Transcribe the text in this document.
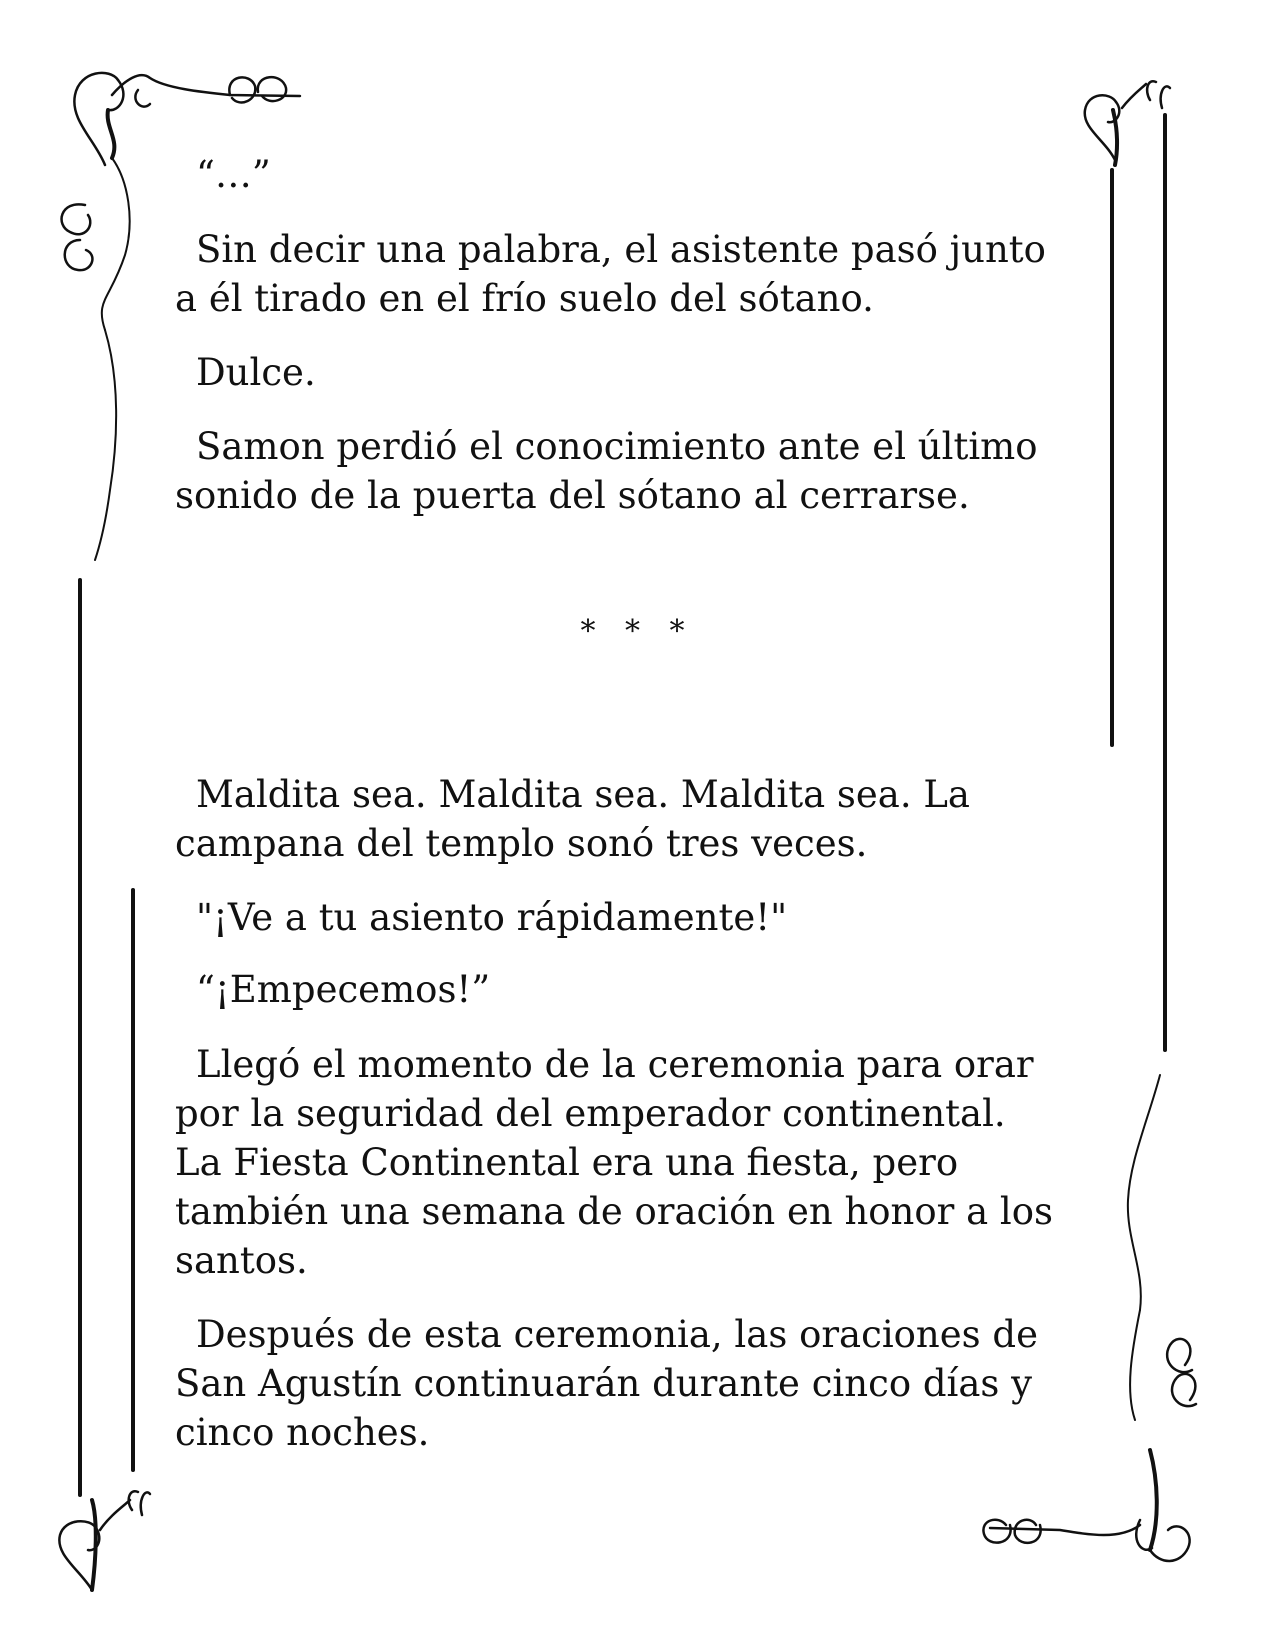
“…”

Sin decir una palabra, el asistente pasó junto
a él tirado en el frío suelo del sótano.

Dulce.

Samon perdió el conocimiento ante el último
sonido de la puerta del sótano al cerrarse.

* * *

Maldita sea. Maldita sea. Maldita sea. La
campana del templo sonó tres veces.

"¡Ve a tu asiento rápidamente!"

“¡Empecemos!”

Llegó el momento de la ceremonia para orar
por la seguridad del emperador continental.
La Fiesta Continental era una fiesta, pero
también una semana de oración en honor a los
santos.

Después de esta ceremonia, las oraciones de
San Agustín continuarán durante cinco días y
cinco noches.
